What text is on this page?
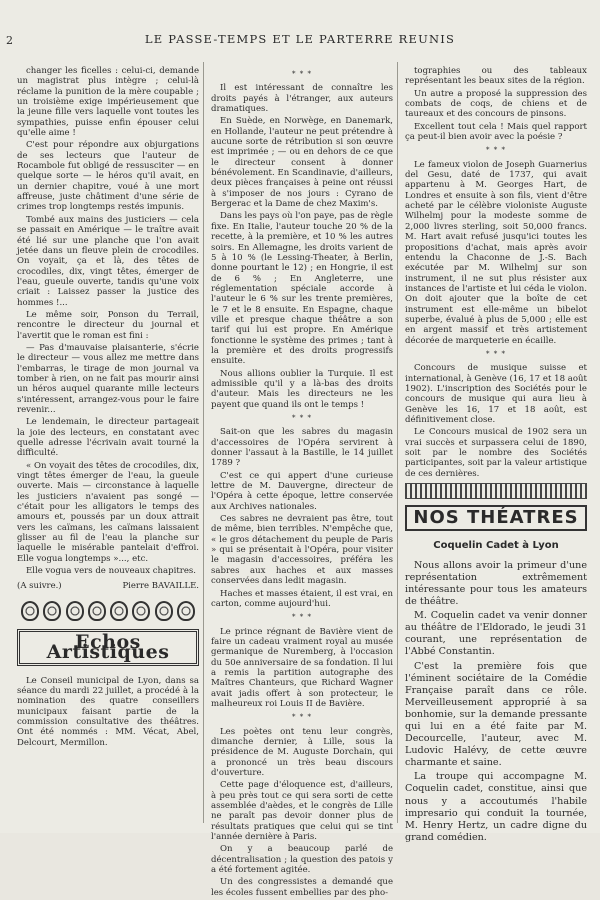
2	LE PASSE-TEMPS ET LE PARTERRE REUNIS

changer les ficelles : celui-ci, demande un magistrat plus intègre ; celui-là réclame la punition de la mère coupable ; un troisième exige impérieusement que la jeune fille vers laquelle vont toutes les sympathies, puisse enfin épouser celui qu'elle aime !

C'est pour répondre aux objurgations de ses lecteurs que l'auteur de Rocambole fut obligé de ressusciter — en quelque sorte — le héros qu'il avait, en un dernier chapitre, voué à une mort affreuse, juste châtiment d'une série de crimes trop longtemps restés impunis.

Tombé aux mains des justiciers — cela se passait en Amérique — le traître avait été lié sur une planche que l'on avait jetée dans un fleuve plein de crocodiles. On voyait, ça et là, des têtes de crocodiles, dix, vingt têtes, émerger de l'eau, gueule ouverte, tandis qu'une voix criait : Laissez passer la justice des hommes !...

Le même soir, Ponson du Terrail, rencontre le directeur du journal et l'avertit que le roman est fini :

— Pas d'mauvaise plaisanterie, s'écrie le directeur — vous allez me mettre dans l'embarras, le tirage de mon journal va tomber à rien, on ne fait pas mourir ainsi un héros auquel quarante mille lecteurs s'intéressent, arrangez-vous pour le faire revenir...

Le lendemain, le directeur partageait la joie des lecteurs, en constatant avec quelle adresse l'écrivain avait tourné la difficulté.

« On voyait des têtes de crocodiles, dix, vingt têtes émerger de l'eau, la gueule ouverte. Mais — circonstance à laquelle les justiciers n'avaient pas songé — c'était pour les alligators le temps des amours et, poussés par un doux attrait vers les caïmans, les caïmans laissaient glisser au fil de l'eau la planche sur laquelle le misérable pantelait d'effroi. Elle vogua longtemps »..., etc.

Elle vogua vers de nouveaux chapitres.

(A suivre.)	Pierre BAVAILLE.
Echos Artistiques

Le Conseil municipal de Lyon, dans sa séance du mardi 22 juillet, a procédé à la nomination des quatre conseillers municipaux faisant partie de la commission consultative des théâtres. Ont été nommés : MM. Vécat, Abel, Delcourt, Mermillon.

* * *

Il est intéressant de connaître les droits payés à l'étranger, aux auteurs dramatiques.

En Suède, en Norwège, en Danemark, en Hollande, l'auteur ne peut prétendre à aucune sorte de rétribution si son œuvre est imprimée ; — ou en dehors de ce que le directeur consent à donner bénévolement. En Scandinavie, d'ailleurs, deux pièces françaises à peine ont réussi à s'imposer de nos jours : Cyrano de Bergerac et la Dame de chez Maxim's.

Dans les pays où l'on paye, pas de règle fixe. En Italie, l'auteur touche 20 % de la recette, à la première, et 10 % les autres soirs. En Allemagne, les droits varient de 5 à 10 % (le Lessing-Theater, à Berlin, donne pourtant le 12) ; en Hongrie, il est de 6 % ; En Angleterre, une réglementation spéciale accorde à l'auteur le 6 % sur les trente premières, le 7 et le 8 ensuite. En Espagne, chaque ville et presque chaque théâtre a son tarif qui lui est propre. En Amérique fonctionne le système des primes ; tant à la première et des droits progressifs ensuite.

Nous allions oublier la Turquie. Il est admissible qu'il y a là-bas des droits d'auteur. Mais les directeurs ne les payent que quand ils ont le temps !

* * *

Sait-on que les sabres du magasin d'accessoires de l'Opéra servirent à donner l'assaut à la Bastille, le 14 juillet 1789 ?

C'est ce qui appert d'une curieuse lettre de M. Dauvergne, directeur de l'Opéra à cette époque, lettre conservée aux Archives nationales.

Ces sabres ne devraient pas être, tout de même, bien terribles. N'empêche que, « le gros détachement du peuple de Paris » qui se présentait à l'Opéra, pour visiter le magasin d'accessoires, préféra les sabres aux haches et aux masses conservées dans ledit magasin.

Haches et masses étaient, il est vrai, en carton, comme aujourd'hui.

* * *

Le prince régnant de Bavière vient de faire un cadeau vraiment royal au musée germanique de Nuremberg, à l'occasion du 50e anniversaire de sa fondation. Il lui a remis la partition autographe des Maîtres Chanteurs, que Richard Wagner avait jadis offert à son protecteur, le malheureux roi Louis II de Bavière.

* * *

Les poètes ont tenu leur congrès, dimanche dernier, à Lille, sous la présidence de M. Auguste Dorchain, qui a prononcé un très beau discours d'ouverture.

Cette page d'éloquence est, d'ailleurs, à peu près tout ce qui sera sorti de cette assemblée d'aèdes, et le congrès de Lille ne paraît pas devoir donner plus de résultats pratiques que celui qui se tint l'année dernière à Paris.

On y a beaucoup parlé de décentralisation ; la question des patois y a été fortement agitée.

Un des congressistes a demandé que les écoles fussent embellies par des pho-

tographies ou des tableaux représentant les beaux sites de la région.

Un autre a proposé la suppression des combats de coqs, de chiens et de taureaux et des concours de pinsons.

Excellent tout cela ! Mais quel rapport ça peut-il bien avoir avec la poésie ?

* * *

Le fameux violon de Joseph Guarnerius del Gesu, daté de 1737, qui avait appartenu à M. Georges Hart, de Londres et ensuite à son fils, vient d'être acheté par le célèbre violoniste Auguste Wilhelmj pour la modeste somme de 2,000 livres sterling, soit 50,000 francs. M. Hart avait refusé jusqu'ici toutes les propositions d'achat, mais après avoir entendu la Chaconne de J.-S. Bach exécutée par M. Wilhelmj sur son instrument, il ne sut plus résister aux instances de l'artiste et lui céda le violon. On doit ajouter que la boîte de cet instrument est elle-même un bibelot superbe, évalué à plus de 5,000 ; elle est en argent massif et très artistement décorée de marqueterie en écaille.

* * *

Concours de musique suisse et international, à Genève (16, 17 et 18 août 1902). L'inscription des Sociétés pour le concours de musique qui aura lieu à Genève les 16, 17 et 18 août, est définitivement close.

Le Concours musical de 1902 sera un vrai succès et surpassera celui de 1890, soit par le nombre des Sociétés participantes, soit par la valeur artistique de ces dernières.

NOS THÉATRES
Coquelin Cadet à Lyon

Nous allons avoir la primeur d'une représentation extrêmement intéressante pour tous les amateurs de théâtre.

M. Coquelin cadet va venir donner au théâtre de l'Eldorado, le jeudi 31 courant, une représentation de l'Abbé Constantin.

C'est la première fois que l'éminent sociétaire de la Comédie Française paraît dans ce rôle. Merveilleusement approprié à sa bonhomie, sur la demande pressante qui lui en a été faite par M. Decourcelle, l'auteur, avec M. Ludovic Halévy, de cette œuvre charmante et saine.

La troupe qui accompagne M. Coquelin cadet, constitue, ainsi que nous y a accoutumés l'habile impresario qui conduit la tournée, M. Henry Hertz, un cadre digne du grand comédien.
